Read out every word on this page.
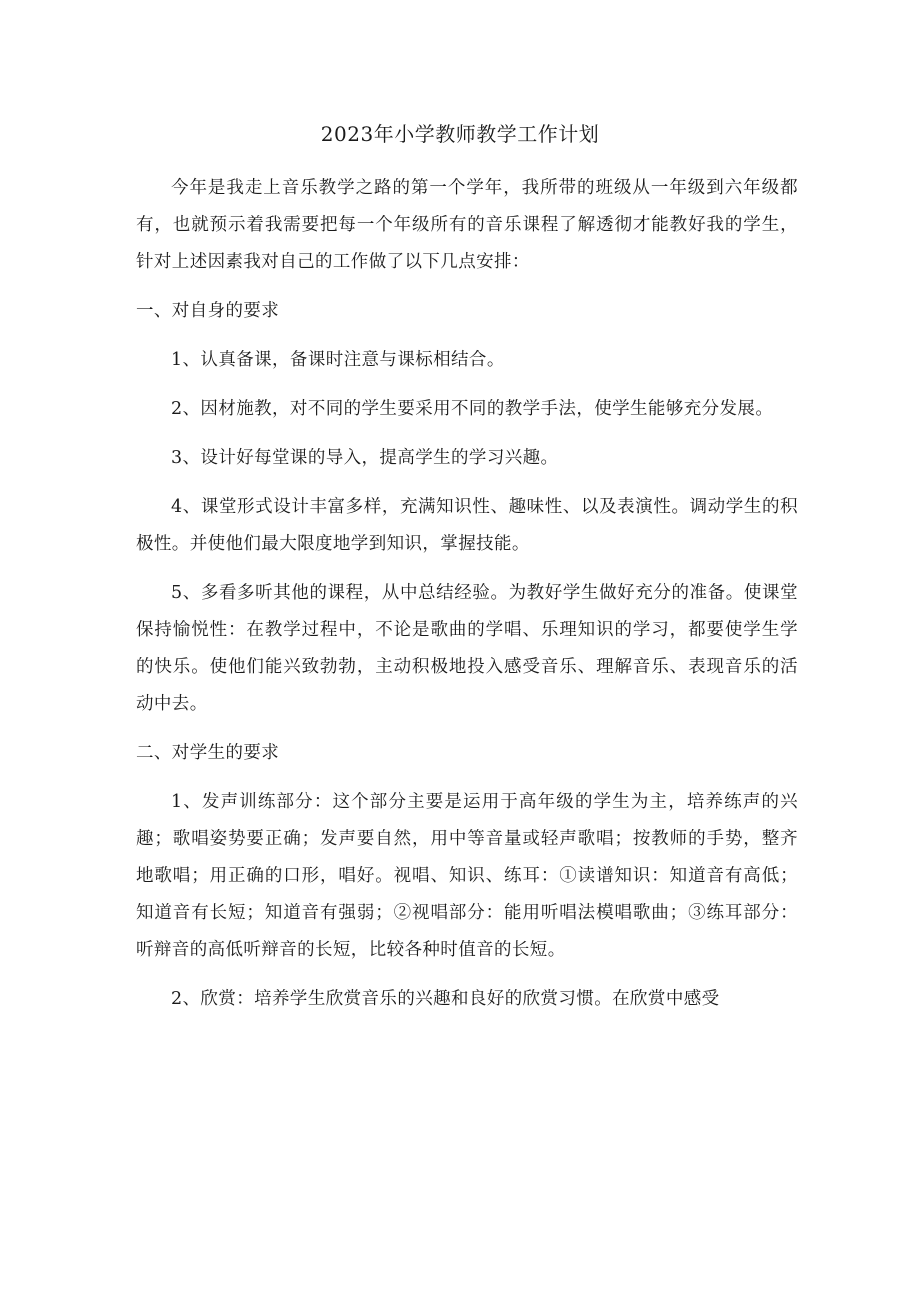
2023年小学教师教学工作计划

今年是我走上音乐教学之路的第一个学年，我所带的班级从一年级到六年级都有，也就预示着我需要把每一个年级所有的音乐课程了解透彻才能教好我的学生，针对上述因素我对自己的工作做了以下几点安排：

一、对自身的要求

1、认真备课，备课时注意与课标相结合。

2、因材施教，对不同的学生要采用不同的教学手法，使学生能够充分发展。

3、设计好每堂课的导入，提高学生的学习兴趣。

4、课堂形式设计丰富多样，充满知识性、趣味性、以及表演性。调动学生的积极性。并使他们最大限度地学到知识，掌握技能。

5、多看多听其他的课程，从中总结经验。为教好学生做好充分的准备。使课堂保持愉悦性：在教学过程中，不论是歌曲的学唱、乐理知识的学习，都要使学生学的快乐。使他们能兴致勃勃，主动积极地投入感受音乐、理解音乐、表现音乐的活动中去。

二、对学生的要求

1、发声训练部分：这个部分主要是运用于高年级的学生为主，培养练声的兴趣；歌唱姿势要正确；发声要自然，用中等音量或轻声歌唱；按教师的手势，整齐地歌唱；用正确的口形，唱好。视唱、知识、练耳：①读谱知识：知道音有高低；知道音有长短；知道音有强弱；②视唱部分：能用听唱法模唱歌曲；③练耳部分：听辩音的高低听辩音的长短，比较各种时值音的长短。

2、欣赏：培养学生欣赏音乐的兴趣和良好的欣赏习惯。在欣赏中感受
